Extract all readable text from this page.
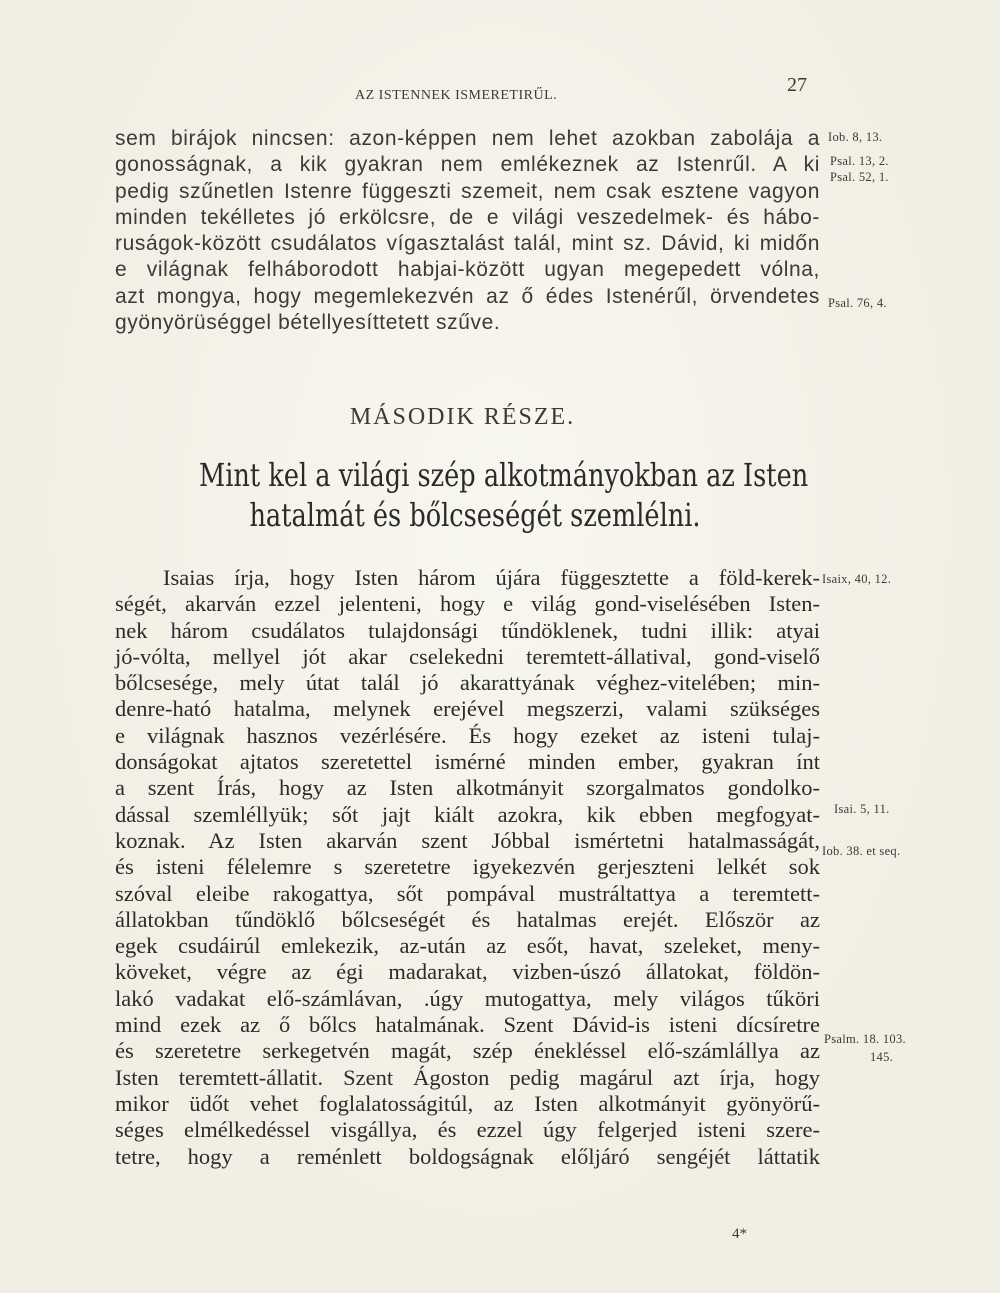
AZ ISTENNEK ISMERETIRŰL.	27
sem birájok nincsen: azon-képpen nem lehet azokban zabolája a
gonosságnak, a kik gyakran nem emlékeznek az Istenrűl. A ki
pedig szűnetlen Istenre függeszti szemeit, nem csak esztene vagyon
minden tekélletes jó erkölcsre, de e világi veszedelmek- és hábo-
ruságok-között csudálatos vígasztalást talál, mint sz. Dávid, ki midőn
e világnak felháborodott habjai-között ugyan megepedett vólna,
azt mongya, hogy megemlekezvén az ő édes Istenérűl, örvendetes
gyönyörüséggel bétellyesíttetett szűve.
MÁSODIK RÉSZE.
Mint kel a világi szép alkotmányokban az Isten
hatalmát és bőlcseségét szemlélni.
Isaias írja, hogy Isten három újára függesztette a föld-kerek-
ségét, akarván ezzel jelenteni, hogy e világ gond-viselésében Isten-
nek három csudálatos tulajdonsági tűndöklenek, tudni illik: atyai
jó-vólta, mellyel jót akar cselekedni teremtett-állatival, gond-viselő
bőlcsesége, mely útat talál jó akarattyának véghez-vitelében; min-
denre-ható hatalma, melynek erejével megszerzi, valami szükséges
e világnak hasznos vezérlésére. És hogy ezeket az isteni tulaj-
donságokat ajtatos szeretettel ismérné minden ember, gyakran ínt
a szent Írás, hogy az Isten alkotmányit szorgalmatos gondolko-
dással szemléllyük; sőt jajt kiált azokra, kik ebben megfogyat-
koznak. Az Isten akarván szent Jóbbal ismértetni hatalmasságát,
és isteni félelemre s szeretetre igyekezvén gerjeszteni lelkét sok
szóval eleibe rakogattya, sőt pompával mustráltattya a teremtett-
állatokban tűndöklő bőlcseségét és hatalmas erejét. Először az
egek csudáirúl emlekezik, az-után az esőt, havat, szeleket, meny-
köveket, végre az égi madarakat, vizben-úszó állatokat, földön-
lakó vadakat elő-számlávan, .úgy mutogattya, mely világos tűköri
mind ezek az ő bőlcs hatalmának. Szent Dávid-is isteni dícsíretre
és szeretetre serkegetvén magát, szép énekléssel elő-számlállya az
Isten teremtett-állatit. Szent Ágoston pedig magárul azt írja, hogy
mikor üdőt vehet foglalatosságitúl, az Isten alkotmányit gyönyörű-
séges elmélkedéssel visgállya, és ezzel úgy felgerjed isteni szere-
tetre, hogy a reménlett boldogságnak előljáró sengéjét láttatik
Iob. 8, 13.
Psal. 13, 2.
Psal. 52, 1.
Psal. 76, 4.
Isaix, 40, 12.
Isai. 5, 11.
Iob. 38. et seq.
Psalm. 18. 103.
145.
4*
